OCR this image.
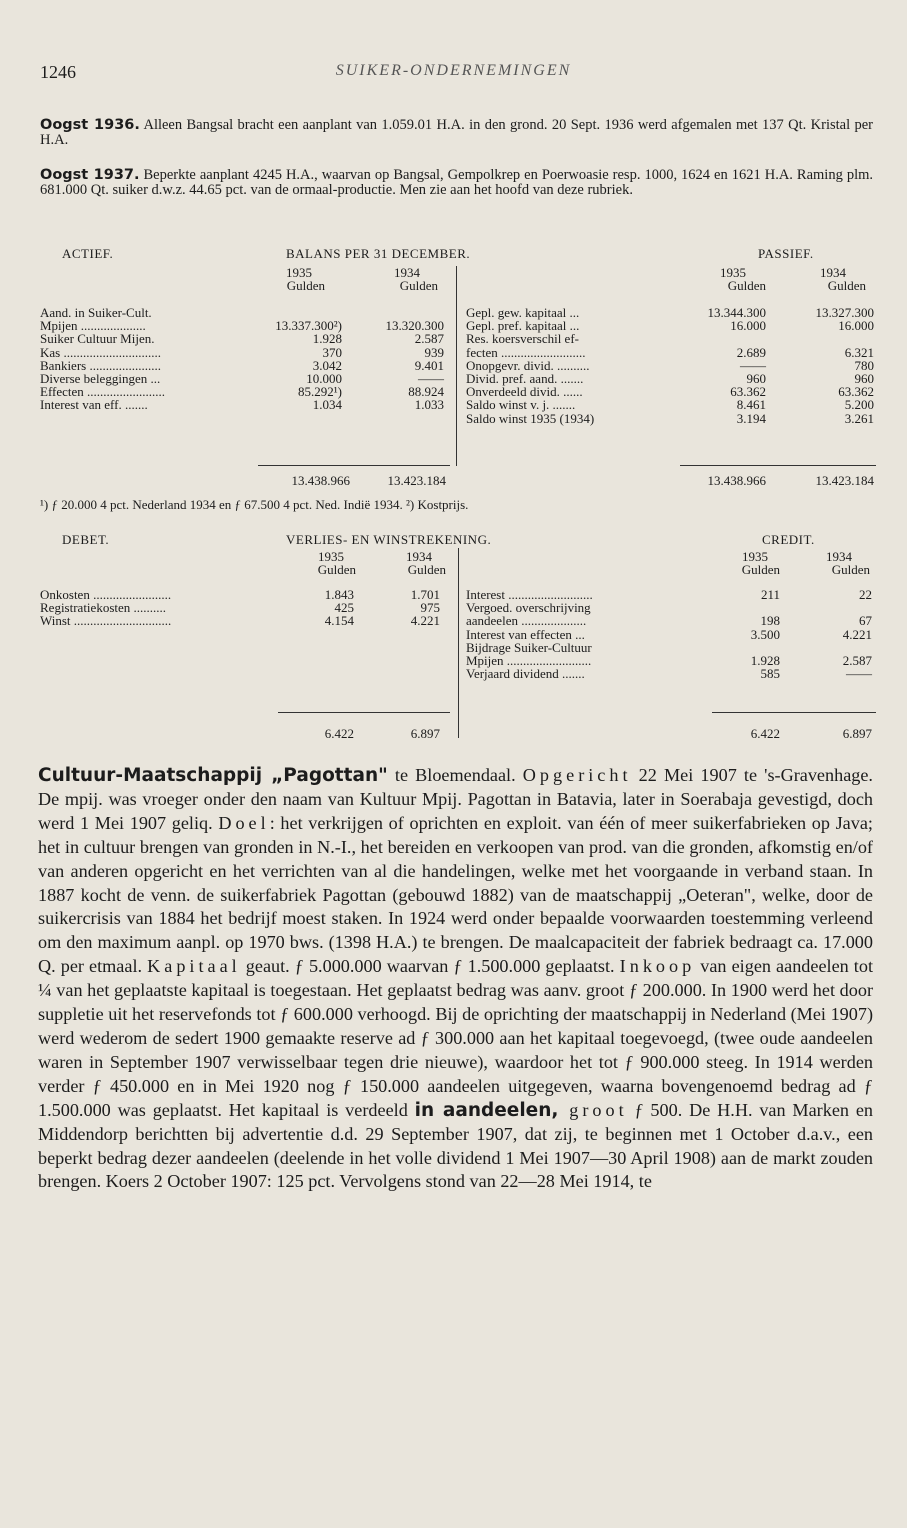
1246	SUIKER-ONDERNEMINGEN
Oogst 1936. Alleen Bangsal bracht een aanplant van 1.059.01 H.A. in den grond. 20 Sept. 1936 werd afgemalen met 137 Qt. Kristal per H.A.
Oogst 1937. Beperkte aanplant 4245 H.A., waarvan op Bangsal, Gempolkrep en Poerwoasie resp. 1000, 1624 en 1621 H.A. Raming plm. 681.000 Qt. suiker d.w.z. 44.65 pct. van de ormaal-productie. Men zie aan het hoofd van deze rubriek.
ACTIEF.	BALANS PER 31 DECEMBER.	PASSIEF.
1935	1934
Gulden	Gulden
1935	1934
Gulden	Gulden
Aand. in Suiker-Cult.
Mpijen ....................	13.337.300²)	13.320.300
Suiker Cultuur Mijen.	1.928	2.587
Kas ..............................	370	939
Bankiers ......................	3.042	9.401
Diverse beleggingen ...	10.000	——
Effecten ........................	85.292¹)	88.924
Interest van eff. .......	1.034	1.033
Gepl. gew. kapitaal ...	13.344.300	13.327.300
Gepl. pref. kapitaal ...	16.000	16.000
Res. koersverschil ef-
fecten ..........................	2.689	6.321
Onopgevr. divid. ..........	——	780
Divid. pref. aand. .......	960	960
Onverdeeld divid. ......	63.362	63.362
Saldo winst v. j. .......	8.461	5.200
Saldo winst 1935 (1934)	3.194	3.261
13.438.966	13.423.184	13.438.966	13.423.184
¹) ƒ 20.000 4 pct. Nederland 1934 en ƒ 67.500 4 pct. Ned. Indië 1934. ²) Kostprijs.
DEBET.	VERLIES- EN WINSTREKENING.	CREDIT.
1935	1934
Gulden	Gulden
1935	1934
Gulden	Gulden
Onkosten ........................	1.843	1.701
Registratiekosten ..........	425	975
Winst ..............................	4.154	4.221
Interest ..........................	211	22
Vergoed. overschrijving
aandeelen ....................	198	67
Interest van effecten ...	3.500	4.221
Bijdrage Suiker-Cultuur
Mpijen ..........................	1.928	2.587
Verjaard dividend .......	585	——
6.422	6.897	6.422	6.897

Cultuur-Maatschappij „Pagottan" te Bloemendaal. Opgericht 22 Mei 1907 te 's-Gravenhage. De mpij. was vroeger onder den naam van Kultuur Mpij. Pagottan in Batavia, later in Soerabaja gevestigd, doch werd 1 Mei 1907 geliq. Doel: het verkrijgen of oprichten en exploit. van één of meer suikerfabrieken op Java; het in cultuur brengen van gronden in N.-I., het bereiden en verkoopen van prod. van die gronden, afkomstig en/of van anderen opgericht en het verrichten van al die handelingen, welke met het voorgaande in verband staan. In 1887 kocht de venn. de suikerfabriek Pagottan (gebouwd 1882) van de maatschappij „Oeteran", welke, door de suikercrisis van 1884 het bedrijf moest staken. In 1924 werd onder bepaalde voorwaarden toestemming verleend om den maximum aanpl. op 1970 bws. (1398 H.A.) te brengen. De maalcapaciteit der fabriek bedraagt ca. 17.000 Q. per etmaal. Kapitaal geaut. ƒ 5.000.000 waarvan ƒ 1.500.000 geplaatst. Inkoop van eigen aandeelen tot ¼ van het geplaatste kapitaal is toegestaan. Het geplaatst bedrag was aanv. groot ƒ 200.000. In 1900 werd het door suppletie uit het reservefonds tot ƒ 600.000 verhoogd. Bij de oprichting der maatschappij in Nederland (Mei 1907) werd wederom de sedert 1900 gemaakte reserve ad ƒ 300.000 aan het kapitaal toegevoegd, (twee oude aandeelen waren in September 1907 verwisselbaar tegen drie nieuwe), waardoor het tot ƒ 900.000 steeg. In 1914 werden verder ƒ 450.000 en in Mei 1920 nog ƒ 150.000 aandeelen uitgegeven, waarna bovengenoemd bedrag ad ƒ 1.500.000 was geplaatst. Het kapitaal is verdeeld in aandeelen, groot ƒ 500. De H.H. van Marken en Middendorp berichtten bij advertentie d.d. 29 September 1907, dat zij, te beginnen met 1 October d.a.v., een beperkt bedrag dezer aandeelen (deelende in het volle dividend 1 Mei 1907—30 April 1908) aan de markt zouden brengen. Koers 2 October 1907: 125 pct. Vervolgens stond van 22—28 Mei 1914, te
